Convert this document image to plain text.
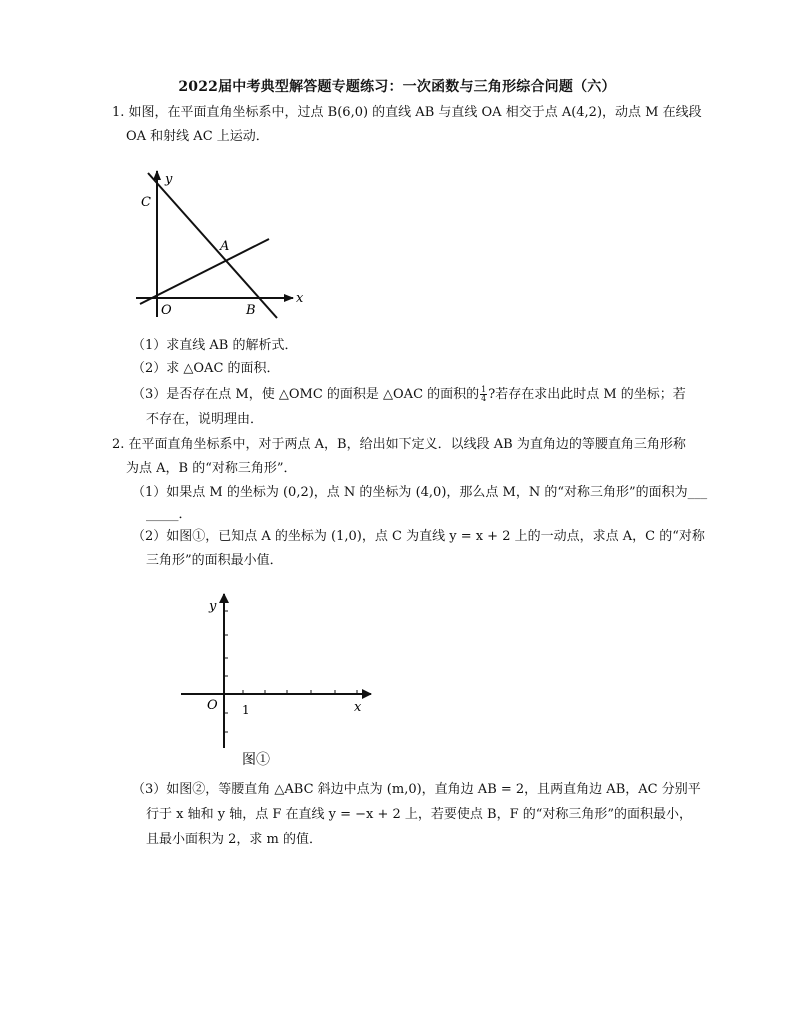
2022届中考典型解答题专题练习：一次函数与三角形综合问题（六）
1. 如图，在平面直角坐标系中，过点 B(6,0) 的直线 AB 与直线 OA 相交于点 A(4,2)，动点 M 在线段
OA 和射线 AC 上运动．
y
C
A
O	B
x
（1）求直线 AB 的解析式．
（2）求 △OAC 的面积．
（3）是否存在点 M，使 △OMC 的面积是 △OAC 的面积的 $\frac{1}{4}$ ?若存在求出此时点 M 的坐标；若
不存在，说明理由．
2. 在平面直角坐标系中，对于两点 A，B，给出如下定义．以线段 AB 为直角边的等腰直角三角形称
为点 A，B 的“对称三角形”．
（1）如果点 M 的坐标为 (0,2)，点 N 的坐标为 (4,0)，那么点 M，N 的“对称三角形”的面积为___
_____．
（2）如图①，已知点 A 的坐标为 (1,0)，点 C 为直线 y = x + 2 上的一动点，求点 A，C 的“对称
三角形”的面积最小值．
y
O 1	x
图①
（3）如图②，等腰直角 △ABC 斜边中点为 (m,0)，直角边 AB = 2，且两直角边 AB，AC 分别平
行于 x 轴和 y 轴，点 F 在直线 y = −x + 2 上，若要使点 B，F 的“对称三角形”的面积最小，
且最小面积为 2，求 m 的值．
